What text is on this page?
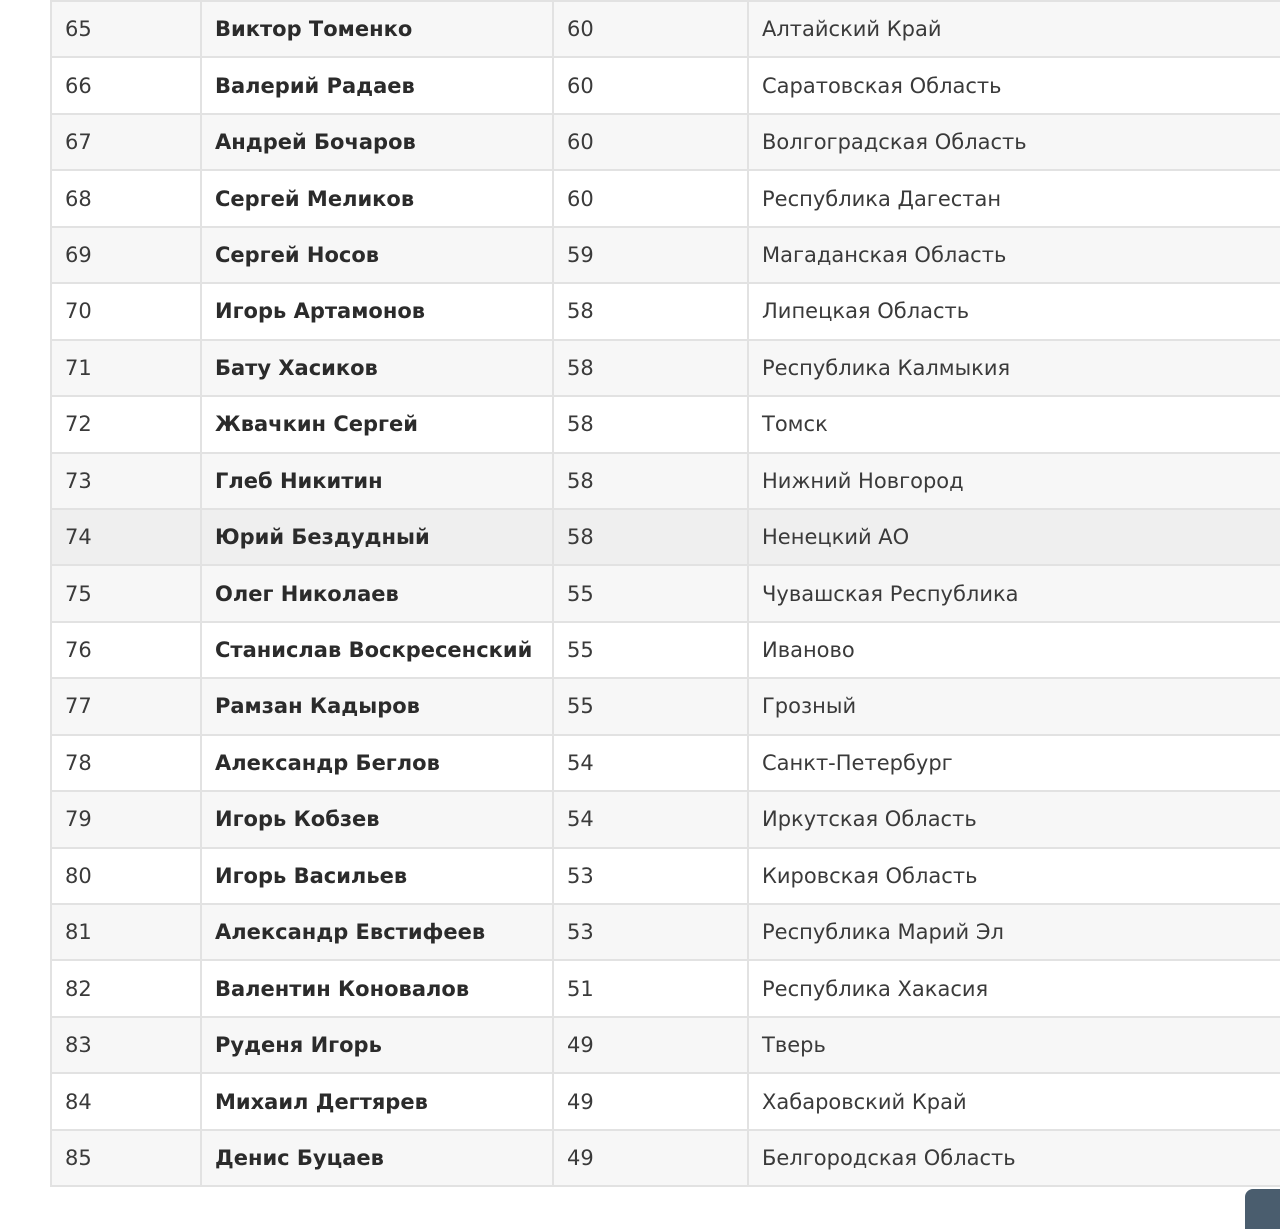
65	Виктор Томенко	60	Алтайский Край
66	Валерий Радаев	60	Саратовская Область
67	Андрей Бочаров	60	Волгоградская Область
68	Сергей Меликов	60	Республика Дагестан
69	Сергей Носов	59	Магаданская Область
70	Игорь Артамонов	58	Липецкая Область
71	Бату Хасиков	58	Республика Калмыкия
72	Жвачкин Сергей	58	Томск
73	Глеб Никитин	58	Нижний Новгород
74	Юрий Бездудный	58	Ненецкий АО
75	Олег Николаев	55	Чувашская Республика
76	Станислав Воскресенский	55	Иваново
77	Рамзан Кадыров	55	Грозный
78	Александр Беглов	54	Санкт-Петербург
79	Игорь Кобзев	54	Иркутская Область
80	Игорь Васильев	53	Кировская Область
81	Александр Евстифеев	53	Республика Марий Эл
82	Валентин Коновалов	51	Республика Хакасия
83	Руденя Игорь	49	Тверь
84	Михаил Дегтярев	49	Хабаровский Край
85	Денис Буцаев	49	Белгородская Область
